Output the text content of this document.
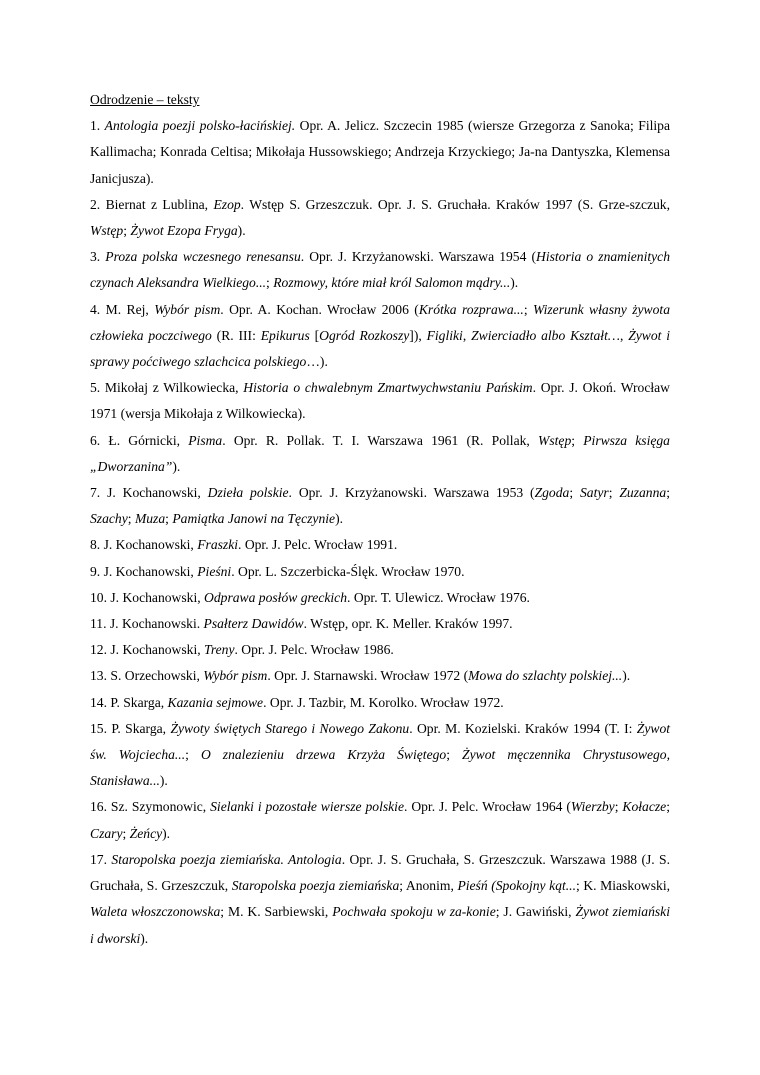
Odrodzenie – teksty

1. Antologia poezji polsko-łacińskiej. Opr. A. Jelicz. Szczecin 1985 (wiersze Grzegorza z Sanoka; Filipa Kallimacha; Konrada Celtisa; Mikołaja Hussowskiego; Andrzeja Krzyckiego; Ja-na Dantyszka, Klemensa Janicjusza).

2. Biernat z Lublina, Ezop. Wstęp S. Grzeszczuk. Opr. J. S. Gruchała. Kraków 1997 (S. Grze-szczuk, Wstęp; Żywot Ezopa Fryga).

3. Proza polska wczesnego renesansu. Opr. J. Krzyżanowski. Warszawa 1954 (Historia o znamienitych czynach Aleksandra Wielkiego...; Rozmowy, które miał król Salomon mądry...).

4. M. Rej, Wybór pism. Opr. A. Kochan. Wrocław 2006 (Krótka rozprawa...; Wizerunk własny żywota człowieka poczciwego (R. III: Epikurus [Ogród Rozkoszy]), Figliki, Zwierciadło albo Kształt…, Żywot i sprawy poćciwego szlachcica polskiego…).

5. Mikołaj z Wilkowiecka, Historia o chwalebnym Zmartwychwstaniu Pańskim. Opr. J. Okoń. Wrocław 1971 (wersja Mikołaja z Wilkowiecka).

6. Ł. Górnicki, Pisma. Opr. R. Pollak. T. I. Warszawa 1961 (R. Pollak, Wstęp; Pirwsza księga „Dworzanina”).

7. J. Kochanowski, Dzieła polskie. Opr. J. Krzyżanowski. Warszawa 1953 (Zgoda; Satyr; Zuzanna; Szachy; Muza; Pamiątka Janowi na Tęczynie).

8. J. Kochanowski, Fraszki. Opr. J. Pelc. Wrocław 1991.

9. J. Kochanowski, Pieśni. Opr. L. Szczerbicka-Ślęk. Wrocław 1970.

10. J. Kochanowski, Odprawa posłów greckich. Opr. T. Ulewicz. Wrocław 1976.

11. J. Kochanowski. Psałterz Dawidów. Wstęp, opr. K. Meller. Kraków 1997.

12. J. Kochanowski, Treny. Opr. J. Pelc. Wrocław 1986.

13. S. Orzechowski, Wybór pism. Opr. J. Starnawski. Wrocław 1972 (Mowa do szlachty polskiej...).

14. P. Skarga, Kazania sejmowe. Opr. J. Tazbir, M. Korolko. Wrocław 1972.

15. P. Skarga, Żywoty świętych Starego i Nowego Zakonu. Opr. M. Kozielski. Kraków 1994 (T. I: Żywot św. Wojciecha...; O znalezieniu drzewa Krzyża Świętego; Żywot męczennika Chrystusowego, Stanisława...).

16. Sz. Szymonowic, Sielanki i pozostałe wiersze polskie. Opr. J. Pelc. Wrocław 1964 (Wierzby; Kołacze; Czary; Żeńcy).

17. Staropolska poezja ziemiańska. Antologia. Opr. J. S. Gruchała, S. Grzeszczuk. Warszawa 1988 (J. S. Gruchała, S. Grzeszczuk, Staropolska poezja ziemiańska; Anonim, Pieśń (Spokojny kąt...; K. Miaskowski, Waleta włoszczonowska; M. K. Sarbiewski, Pochwała spokoju w za-konie; J. Gawiński, Żywot ziemiański i dworski).
